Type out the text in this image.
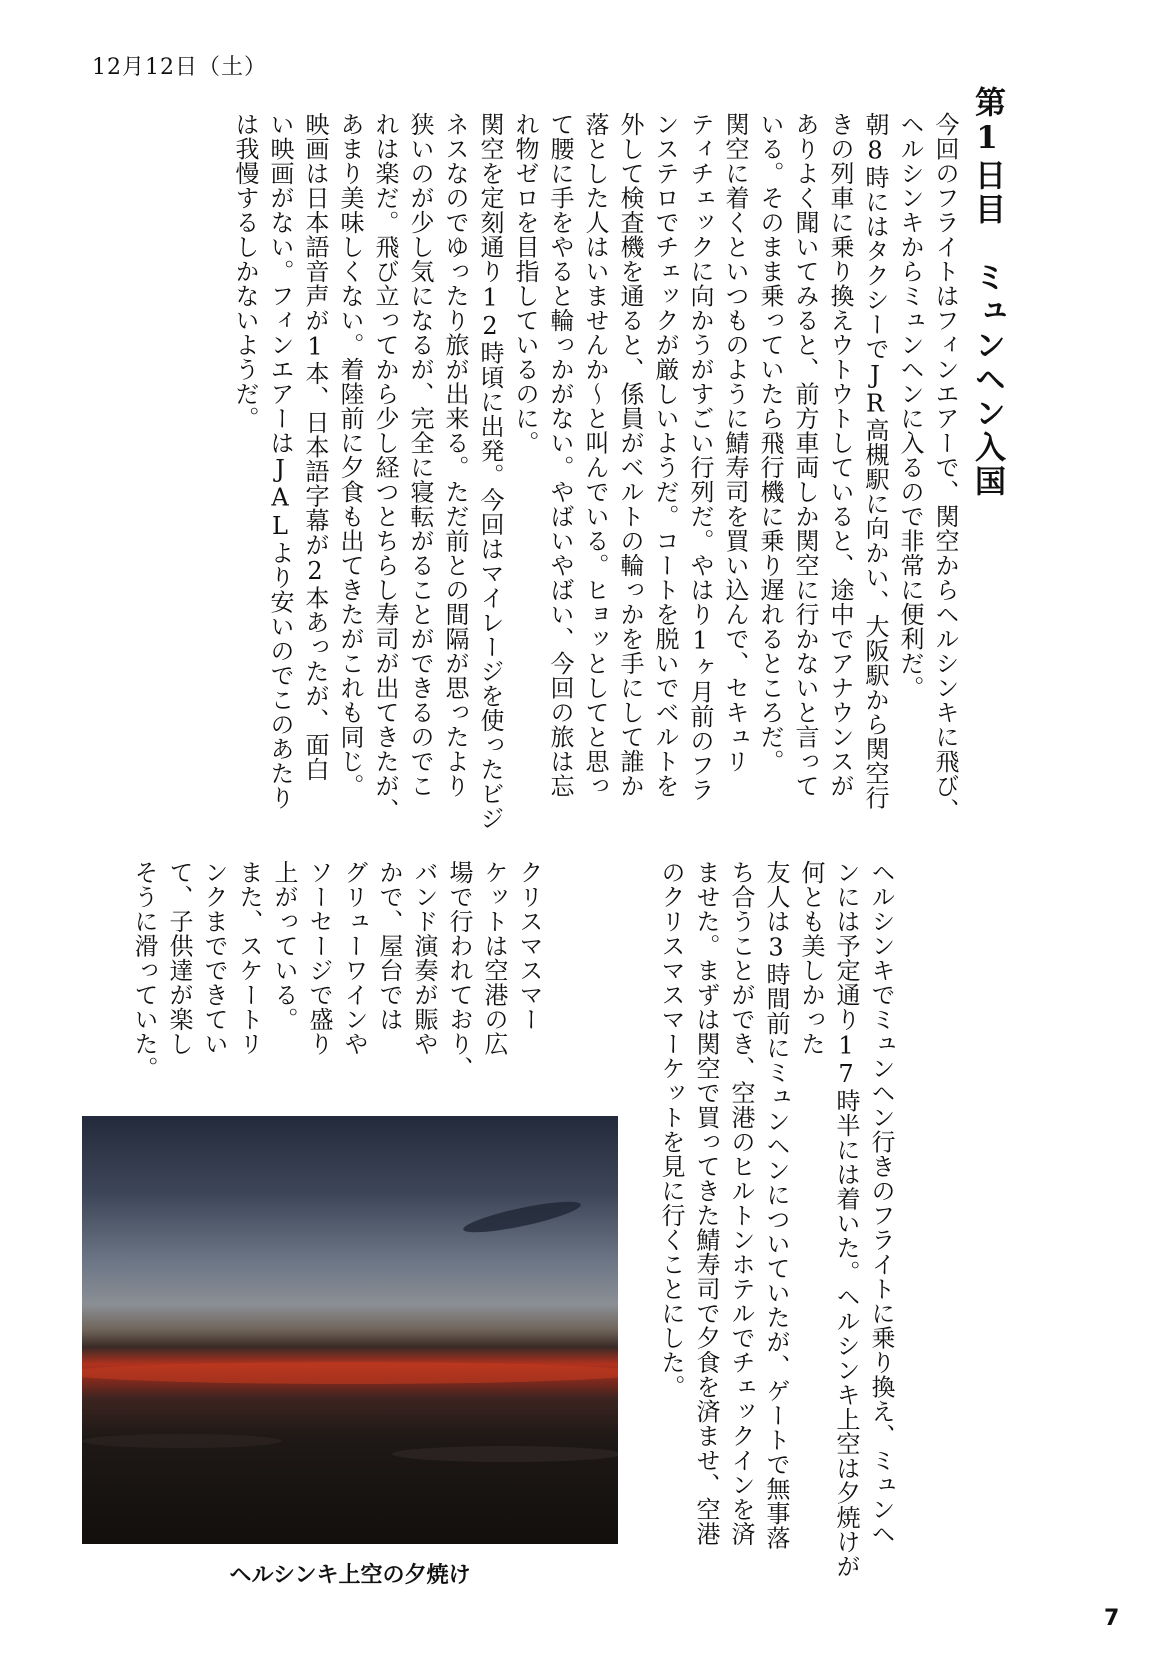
12月12日（土）
第1日目　ミュンヘン入国
今回のフライトはフィンエアーで、関空からヘルシンキに飛び、
ヘルシンキからミュンヘンに入るので非常に便利だ。
朝8時にはタクシーでJR高槻駅に向かい、大阪駅から関空行
きの列車に乗り換えウトウトしていると、途中でアナウンスが
ありよく聞いてみると、前方車両しか関空に行かないと言って
いる。そのまま乗っていたら飛行機に乗り遅れるところだ。
関空に着くといつものように鯖寿司を買い込んで、セキュリ
ティチェックに向かうがすごい行列だ。やはり1ヶ月前のフラ
ンステロでチェックが厳しいようだ。コートを脱いでベルトを
外して検査機を通ると、係員がベルトの輪っかを手にして誰か
落とした人はいませんか～と叫んでいる。ヒョッとしてと思っ
て腰に手をやると輪っかがない。やばいやばい、今回の旅は忘
れ物ゼロを目指しているのに。
関空を定刻通り12時頃に出発。今回はマイレージを使ったビジ
ネスなのでゆったり旅が出来る。ただ前との間隔が思ったより
狭いのが少し気になるが、完全に寝転がることができるのでこ
れは楽だ。飛び立ってから少し経つとちらし寿司が出てきたが、
あまり美味しくない。着陸前に夕食も出てきたがこれも同じ。
映画は日本語音声が1本、日本語字幕が2本あったが、面白
い映画がない。フィンエアーはJALより安いのでこのあたり
は我慢するしかないようだ。
ヘルシンキでミュンヘン行きのフライトに乗り換え、ミュンヘ
ンには予定通り17時半には着いた。ヘルシンキ上空は夕焼けが
何とも美しかった
友人は3時間前にミュンヘンについていたが、ゲートで無事落
ち合うことができ、空港のヒルトンホテルでチェックインを済
ませた。まずは関空で買ってきた鯖寿司で夕食を済ませ、空港
のクリスマスマーケットを見に行くことにした。
クリスマスマー
ケットは空港の広
場で行われており、
バンド演奏が賑や
かで、屋台では
グリューワインや
ソーセージで盛り
上がっている。
また、スケートリ
ンクまでできてい
て、子供達が楽し
そうに滑っていた。
ヘルシンキ上空の夕焼け
7
